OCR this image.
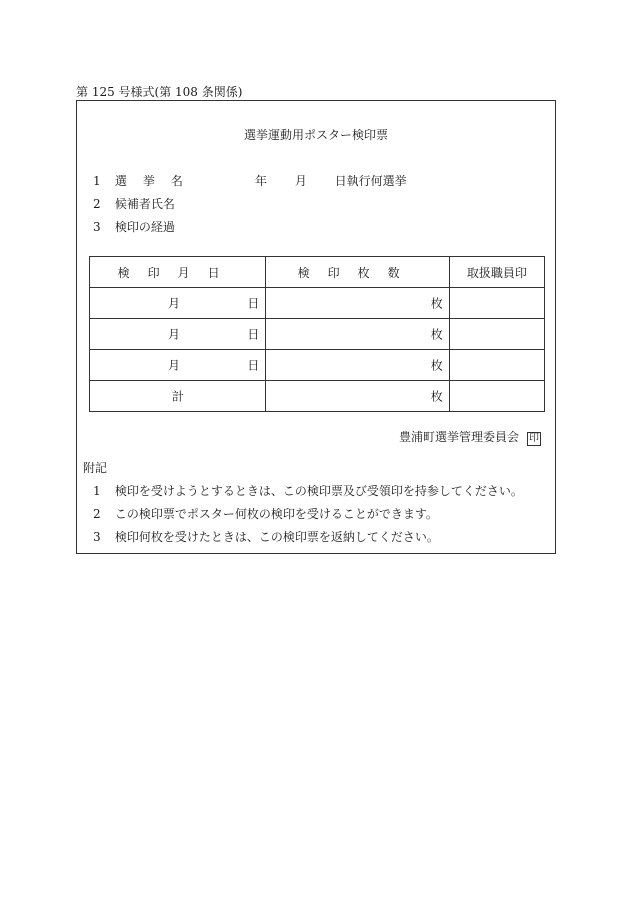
第 125 号様式(第 108 条関係)
選挙運動用ポスター検印票
1 選挙名	年 月 日執行何選挙
2 候補者氏名
3 検印の経過
検印月日	検印枚数	取扱職員印

月 日	枚	

月 日	枚	

月 日	枚	

計	枚	

豊浦町選挙管理委員会 印
附記
1 検印を受けようとするときは、この検印票及び受領印を持参してください。
2 この検印票でポスター何枚の検印を受けることができます。
3 検印何枚を受けたときは、この検印票を返納してください。
